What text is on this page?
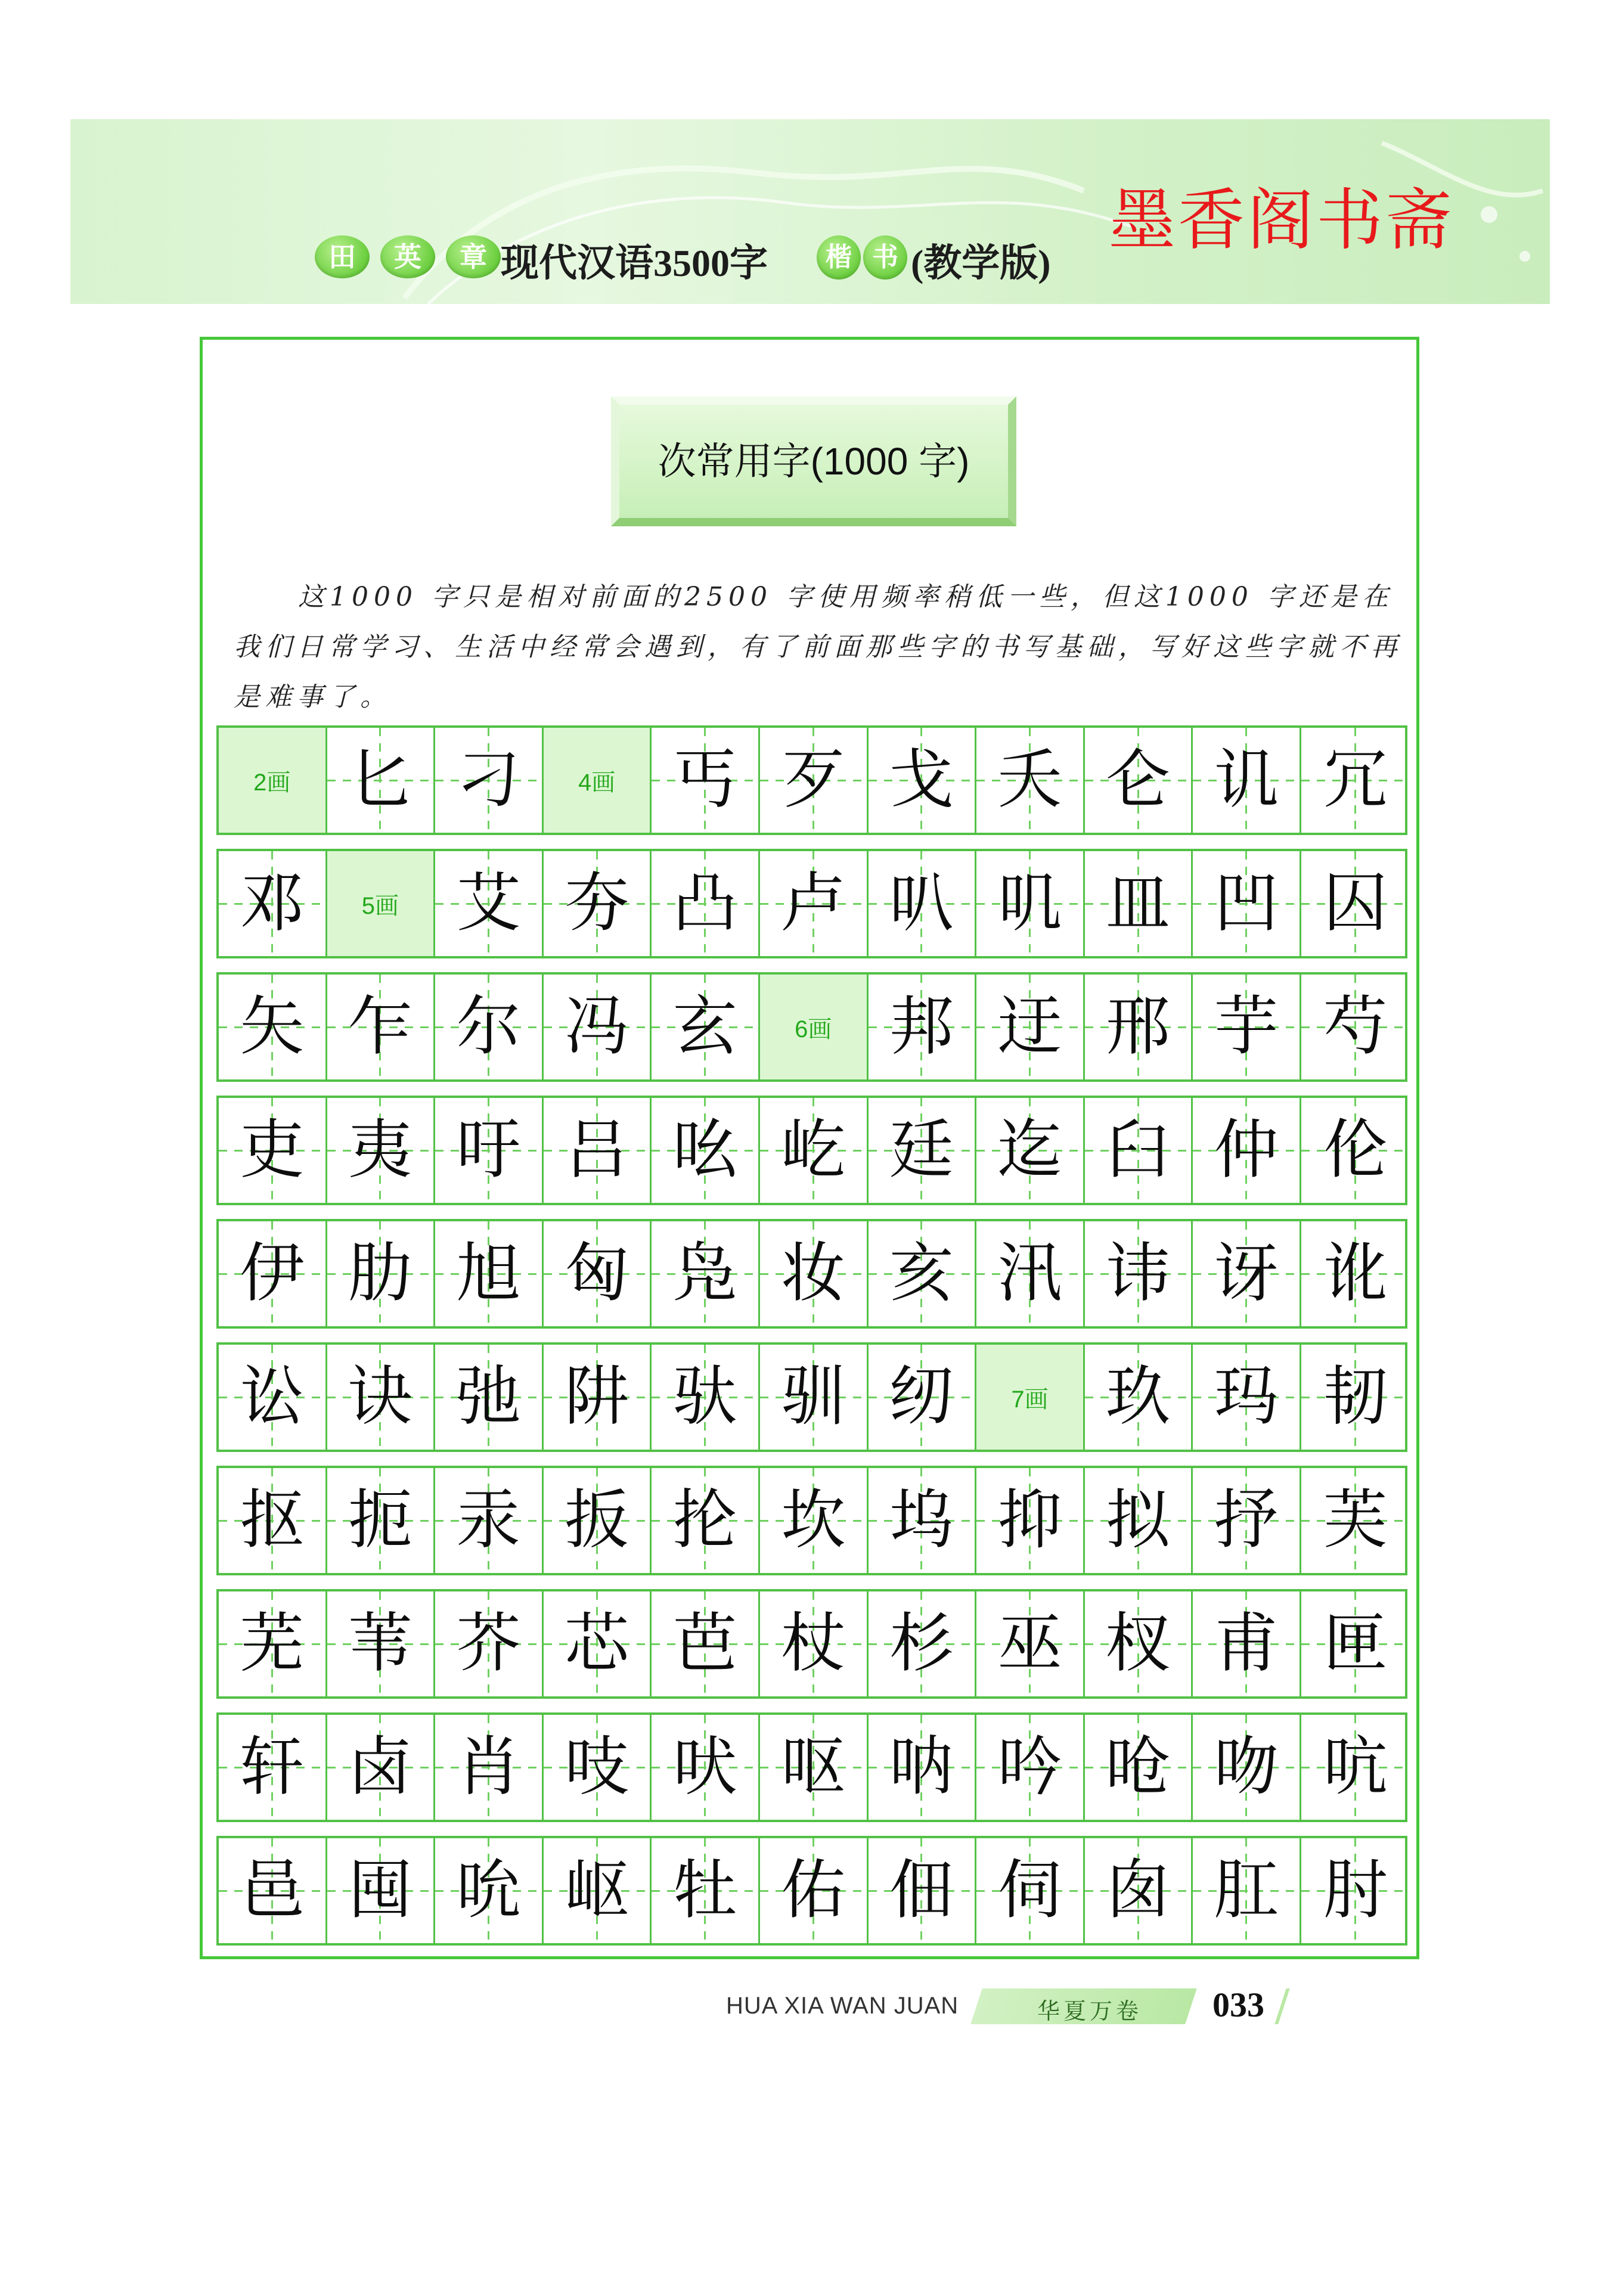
田	英	章 现代汉语3500字	楷 书 (教学版)
墨香阁书斋
次常用字(1000 字)
这1000 字只是相对前面的2500 字使用频率稍低一些，但这1000 字还是在我们日常学习、生活中经常会遇到，有了前面那些字的书写基础，写好这些字就不再是难事了。
2画 匕 刁 4画 丐 歹 戈 夭 仑 讥 冗
邓 5画 艾 夯 凸 卢 叭 叽 皿 凹 囚
矢 乍 尔 冯 玄 6画 邦 迂 邢 芋 芍
吏 夷 吁 吕 吆 屹 廷 迄 臼 仲 伦
伊 肋 旭 匈 凫 妆 亥 汛 讳 讶 讹
讼 诀 弛 阱 驮 驯 纫 7画 玖 玛 韧
抠 扼 汞 扳 抡 坎 坞 抑 拟 抒 芙
芜 苇 芥 芯 芭 杖 杉 巫 杈 甫 匣
轩 卤 肖 吱 吠 呕 呐 吟 呛 吻 吭
邑 囤 吮 岖 牡 佑 佃 伺 囱 肛 肘
HUA XIA WAN JUAN	华夏万卷 033
